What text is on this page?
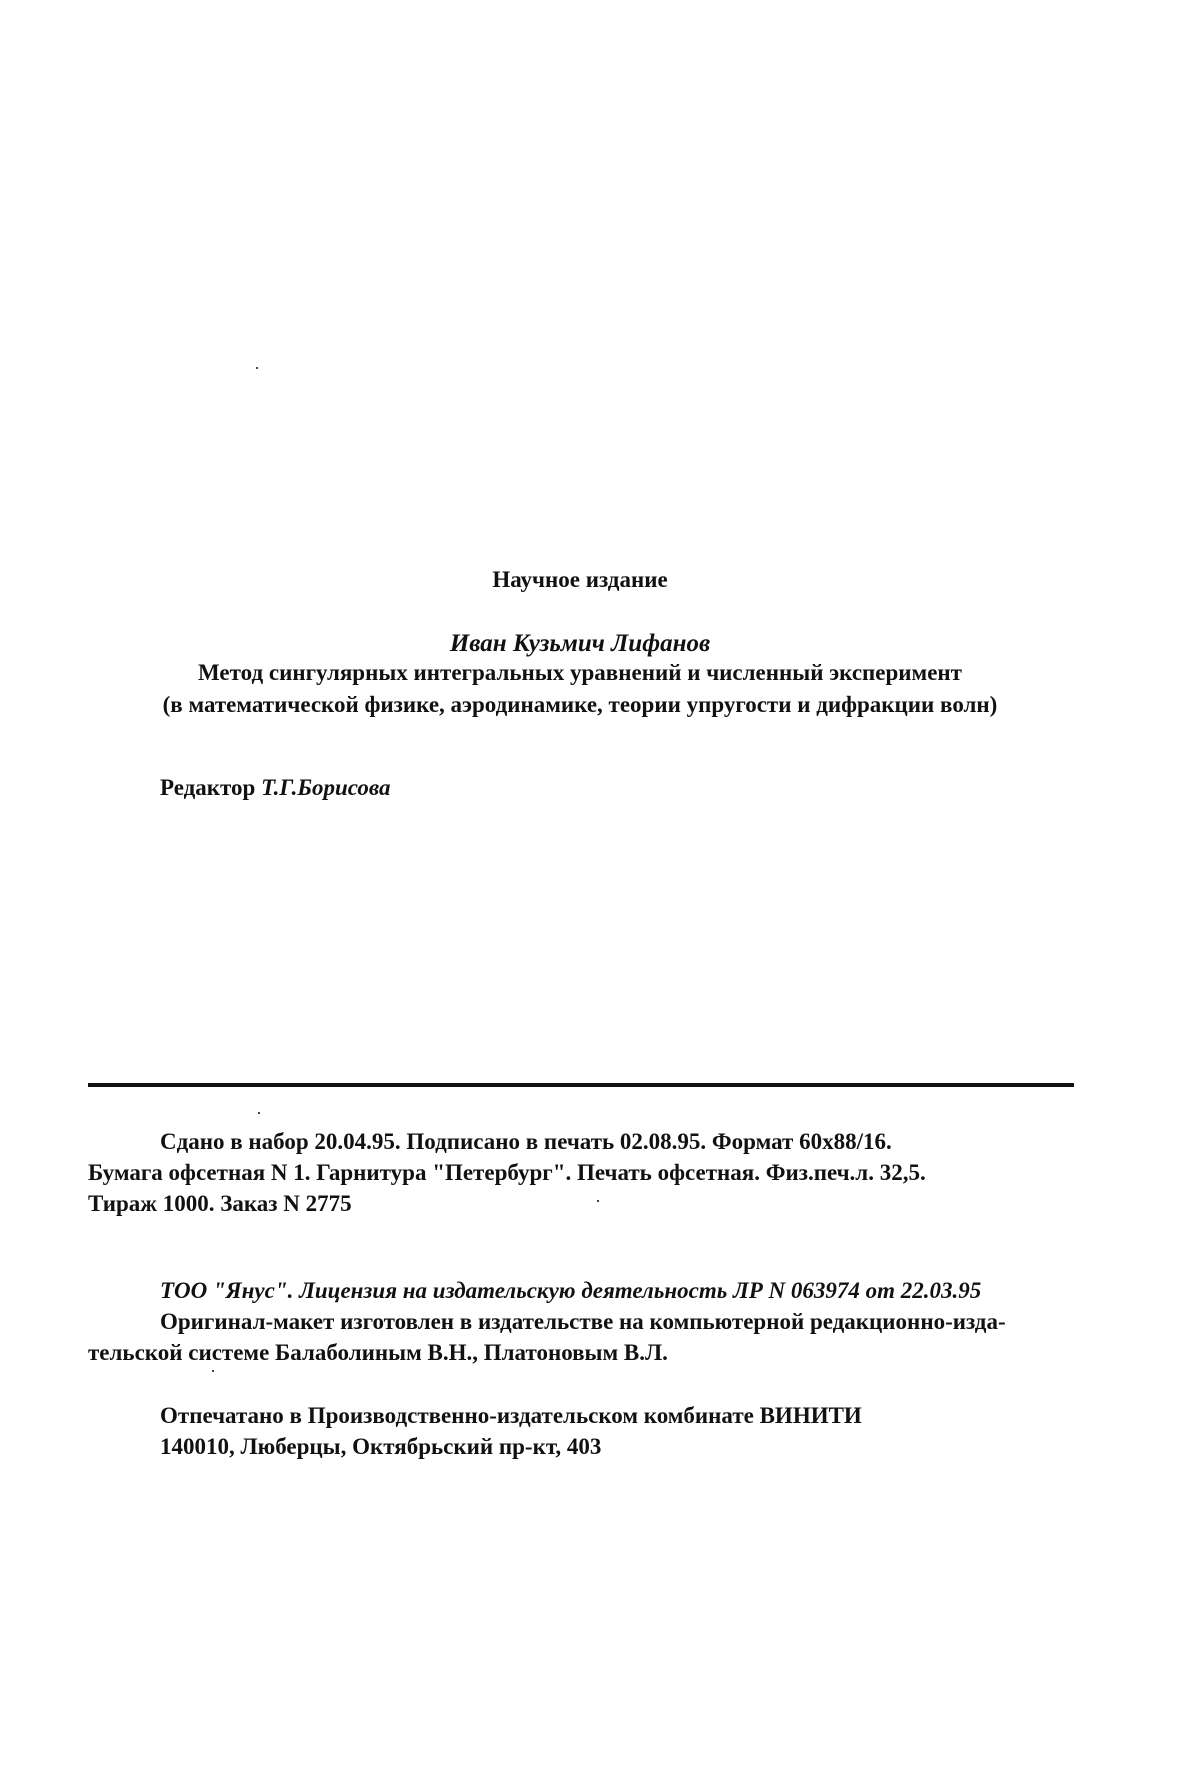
Научное издание
Иван Кузьмич Лифанов
Метод сингулярных интегральных уравнений и численный эксперимент
(в математической физике, аэродинамике, теории упругости и дифракции волн)
Редактор Т.Г.Борисова
Сдано в набор 20.04.95. Подписано в печать 02.08.95. Формат 60x88/16.
Бумага офсетная N 1. Гарнитура "Петербург". Печать офсетная. Физ.печ.л. 32,5.
Тираж 1000. Заказ N 2775
ТОО "Янус". Лицензия на издательскую деятельность ЛР N 063974 от 22.03.95
Оригинал-макет изготовлен в издательстве на компьютерной редакционно-изда-
тельской системе Балаболиным В.Н., Платоновым В.Л.
Отпечатано в Производственно-издательском комбинате ВИНИТИ
140010, Люберцы, Октябрьский пр-кт, 403
